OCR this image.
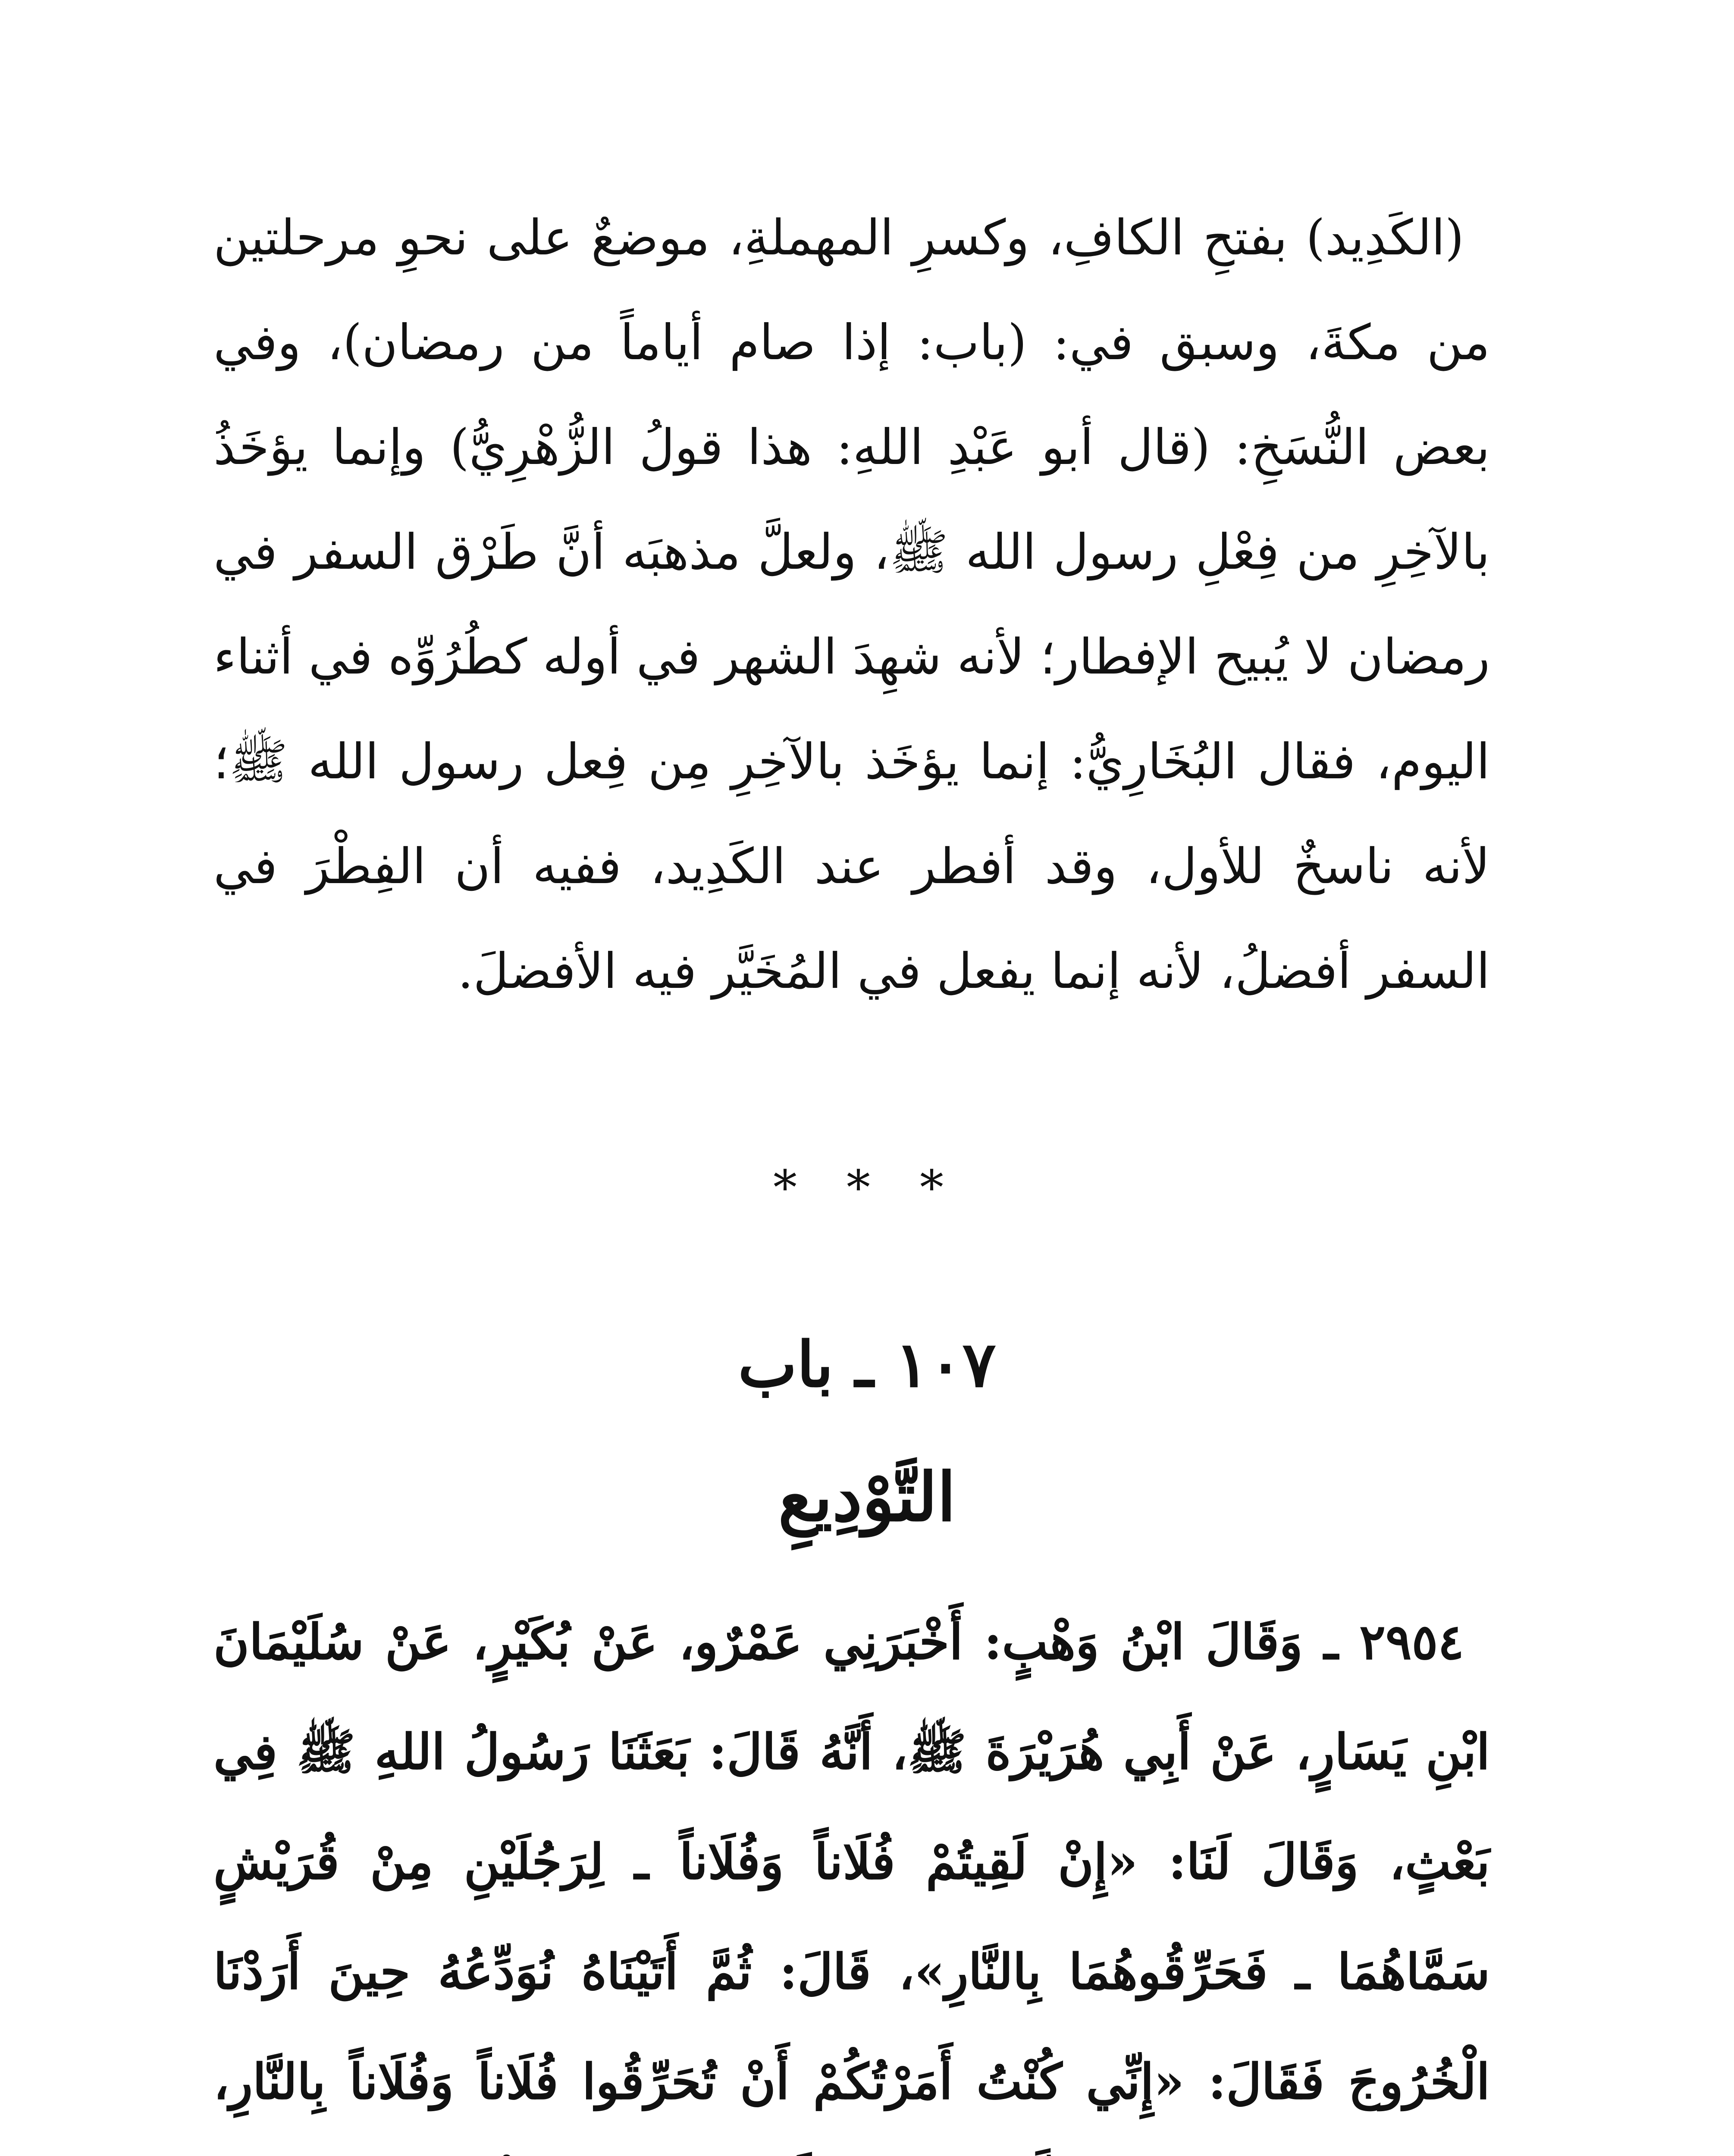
(الكَدِيد) بفتحِ الكافِ، وكسرِ المهملةِ، موضعٌ على نحوِ مرحلتين من مكةَ، وسبق في: (باب: إذا صام أياماً من رمضان)، وفي بعض النُّسَخِ: (قال أبو عَبْدِ اللهِ: هذا قولُ الزُّهْرِيُّ) وإنما يؤخَذُ بالآخِرِ من فِعْلِ رسول الله ﷺ، ولعلَّ مذهبَه أنَّ طَرْق السفر في رمضان لا يُبيح الإفطار؛ لأنه شهِدَ الشهر في أوله كطُرُوِّه في أثناء اليوم، فقال البُخَارِيُّ: إنما يؤخَذ بالآخِرِ مِن فِعل رسول الله ﷺ؛ لأنه ناسخٌ للأول، وقد أفطر عند الكَدِيد، ففيه أن الفِطْرَ في السفر أفضلُ، لأنه إنما يفعل في المُخَيَّر فيه الأفضلَ.

* * *
١٠٧ ـ باب
التَّوْدِيعِ

٢٩٥٤ ـ وَقَالَ ابْنُ وَهْبٍ: أَخْبَرَنِي عَمْرٌو، عَنْ بُكَيْرٍ، عَنْ سُلَيْمَانَ ابْنِ يَسَارٍ، عَنْ أَبِي هُرَيْرَةَ ﷺ، أَنَّهُ قَالَ: بَعَثَنَا رَسُولُ اللهِ ﷺ فِي بَعْثٍ، وَقَالَ لَنَا: «إِنْ لَقِيتُمْ فُلَاناً وَفُلَاناً ـ لِرَجُلَيْنِ مِنْ قُرَيْشٍ سَمَّاهُمَا ـ فَحَرِّقُوهُمَا بِالنَّارِ»، قَالَ: ثُمَّ أَتَيْنَاهُ نُوَدِّعُهُ حِينَ أَرَدْنَا الْخُرُوجَ فَقَالَ: «إِنِّي كُنْتُ أَمَرْتُكُمْ أَنْ تُحَرِّقُوا فُلَاناً وَفُلَاناً بِالنَّارِ،
